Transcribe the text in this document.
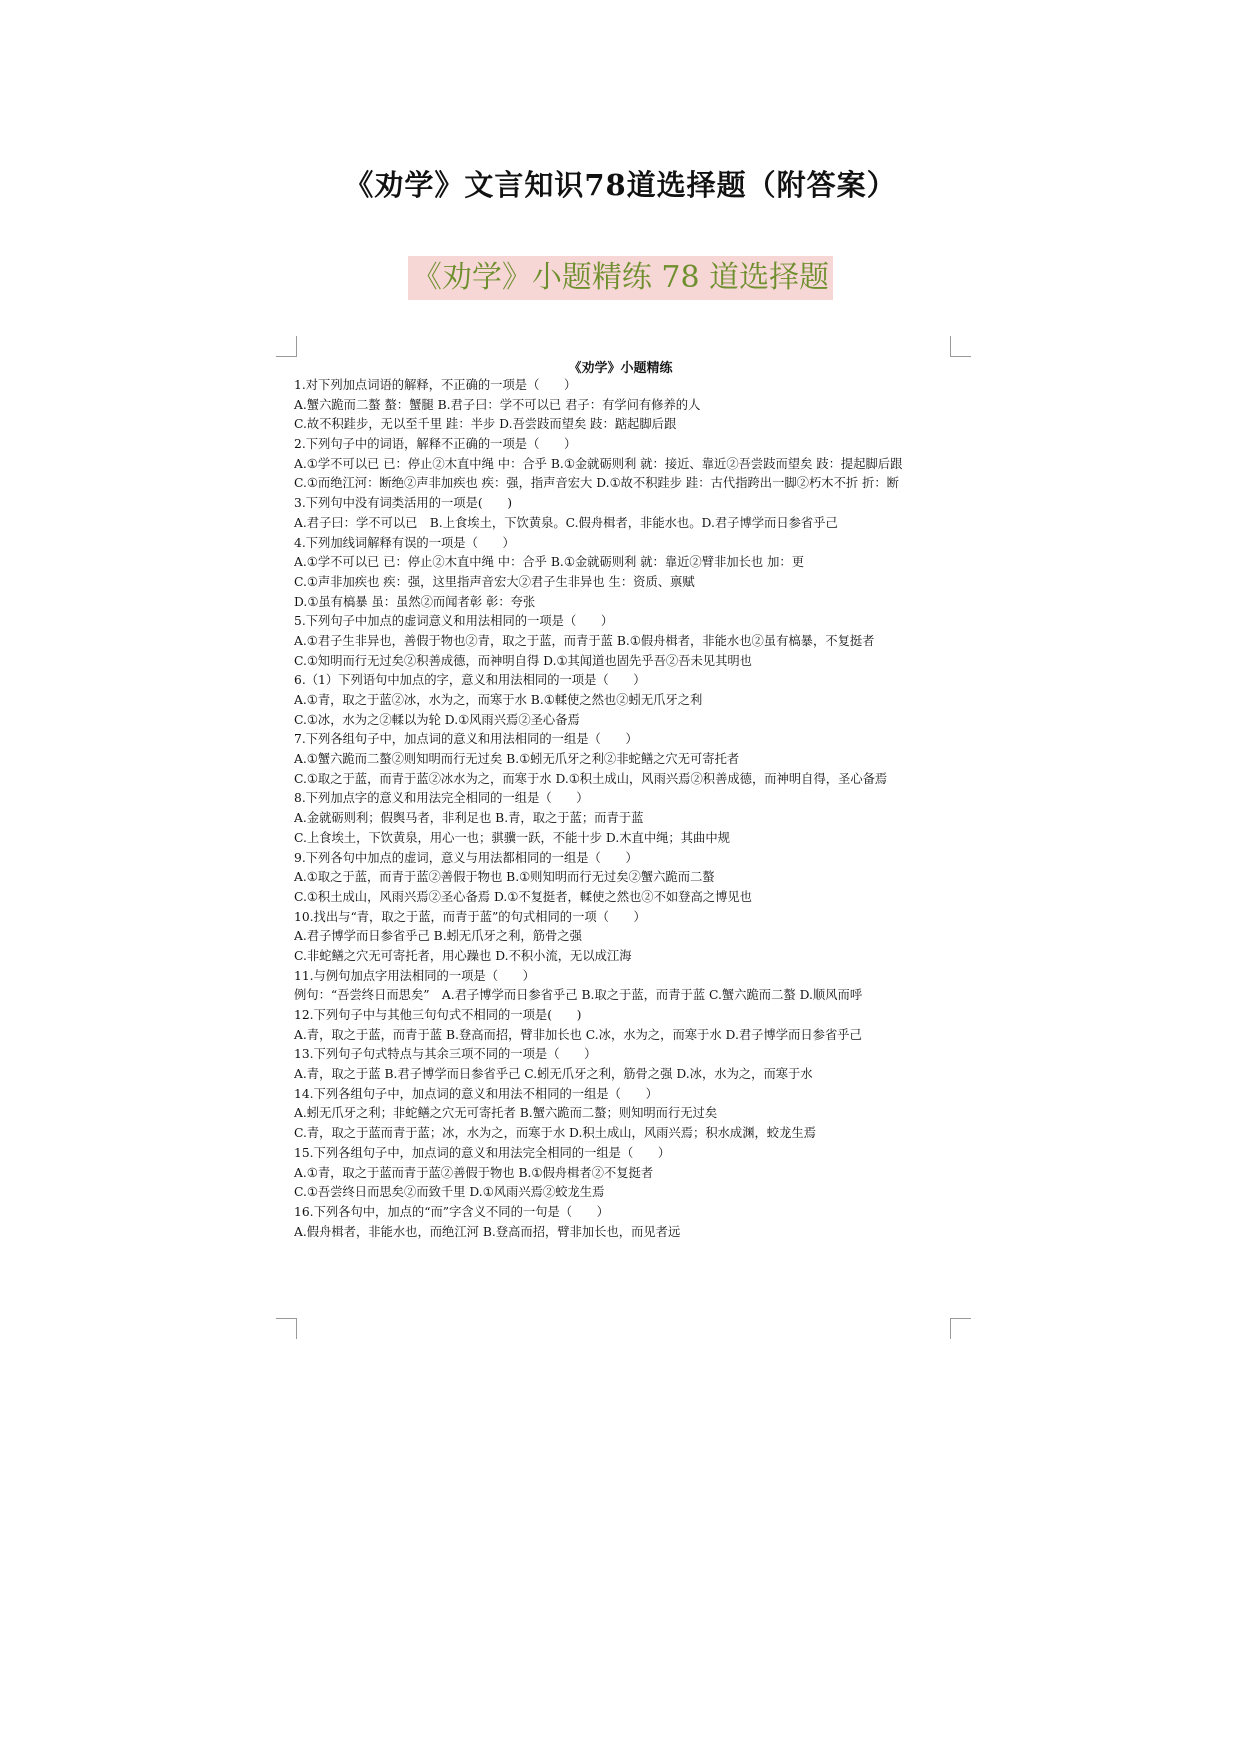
《劝学》文言知识78道选择题（附答案）
《劝学》小题精练 78 道选择题
《劝学》小题精练
1.对下列加点词语的解释，不正确的一项是（　　）
A.蟹六跪而二螯 螯：蟹腿 B.君子曰：学不可以已 君子：有学问有修养的人
C.故不积跬步，无以至千里 跬：半步 D.吾尝跂而望矣 跂：踮起脚后跟
2.下列句子中的词语，解释不正确的一项是（　　）
A.①学不可以已 已：停止②木直中绳 中：合乎 B.①金就砺则利 就：接近、靠近②吾尝跂而望矣 跂：提起脚后跟
C.①而绝江河：断绝②声非加疾也 疾：强，指声音宏大 D.①故不积跬步 跬：古代指跨出一脚②朽木不折 折：断
3.下列句中没有词类活用的一项是(　　)
A.君子曰：学不可以已　B.上食埃土，下饮黄泉。C.假舟楫者，非能水也。D.君子博学而日参省乎己
4.下列加线词解释有误的一项是（　　）
A.①学不可以已 已：停止②木直中绳 中：合乎 B.①金就砺则利 就：靠近②臂非加长也 加：更
C.①声非加疾也 疾：强，这里指声音宏大②君子生非异也 生：资质、禀赋
D.①虽有槁暴 虽：虽然②而闻者彰 彰：夸张
5.下列句子中加点的虚词意义和用法相同的一项是（　　）
A.①君子生非异也，善假于物也②青，取之于蓝，而青于蓝 B.①假舟楫者，非能水也②虽有槁暴，不复挺者
C.①知明而行无过矣②积善成德，而神明自得 D.①其闻道也固先乎吾②吾未见其明也
6.（1）下列语句中加点的字，意义和用法相同的一项是（　　）
A.①青，取之于蓝②冰，水为之，而寒于水 B.①輮使之然也②蚓无爪牙之利
C.①冰，水为之②輮以为轮 D.①风雨兴焉②圣心备焉
7.下列各组句子中，加点词的意义和用法相同的一组是（　　）
A.①蟹六跪而二螯②则知明而行无过矣 B.①蚓无爪牙之利②非蛇鳝之穴无可寄托者
C.①取之于蓝，而青于蓝②冰水为之，而寒于水 D.①积土成山，风雨兴焉②积善成德，而神明自得，圣心备焉
8.下列加点字的意义和用法完全相同的一组是（　　）
A.金就砺则利；假舆马者，非利足也 B.青，取之于蓝；而青于蓝
C.上食埃土，下饮黄泉，用心一也；骐骥一跃，不能十步 D.木直中绳；其曲中规
9.下列各句中加点的虚词，意义与用法都相同的一组是（　　）
A.①取之于蓝，而青于蓝②善假于物也 B.①则知明而行无过矣②蟹六跪而二螯
C.①积土成山，风雨兴焉②圣心备焉 D.①不复挺者，輮使之然也②不如登高之博见也
10.找出与“青，取之于蓝，而青于蓝”的句式相同的一项（　　）
A.君子博学而日参省乎己 B.蚓无爪牙之利，筋骨之强
C.非蛇鳝之穴无可寄托者，用心躁也 D.不积小流，无以成江海
11.与例句加点字用法相同的一项是（　　）
例句：“吾尝终日而思矣”　A.君子博学而日参省乎己 B.取之于蓝，而青于蓝 C.蟹六跪而二螯 D.顺风而呼
12.下列句子中与其他三句句式不相同的一项是(　　)
A.青，取之于蓝，而青于蓝 B.登高而招，臂非加长也 C.冰，水为之，而寒于水 D.君子博学而日参省乎己
13.下列句子句式特点与其余三项不同的一项是（　　）
A.青，取之于蓝 B.君子博学而日参省乎己 C.蚓无爪牙之利，筋骨之强 D.冰，水为之，而寒于水
14.下列各组句子中，加点词的意义和用法不相同的一组是（　　）
A.蚓无爪牙之利；非蛇鳝之穴无可寄托者 B.蟹六跪而二螯；则知明而行无过矣
C.青，取之于蓝而青于蓝；冰，水为之，而寒于水 D.积土成山，风雨兴焉；积水成渊，蛟龙生焉
15.下列各组句子中，加点词的意义和用法完全相同的一组是（　　）
A.①青，取之于蓝而青于蓝②善假于物也 B.①假舟楫者②不复挺者
C.①吾尝终日而思矣②而致千里 D.①风雨兴焉②蛟龙生焉
16.下列各句中，加点的“而”字含义不同的一句是（　　）
A.假舟楫者，非能水也，而绝江河 B.登高而招，臂非加长也，而见者远
